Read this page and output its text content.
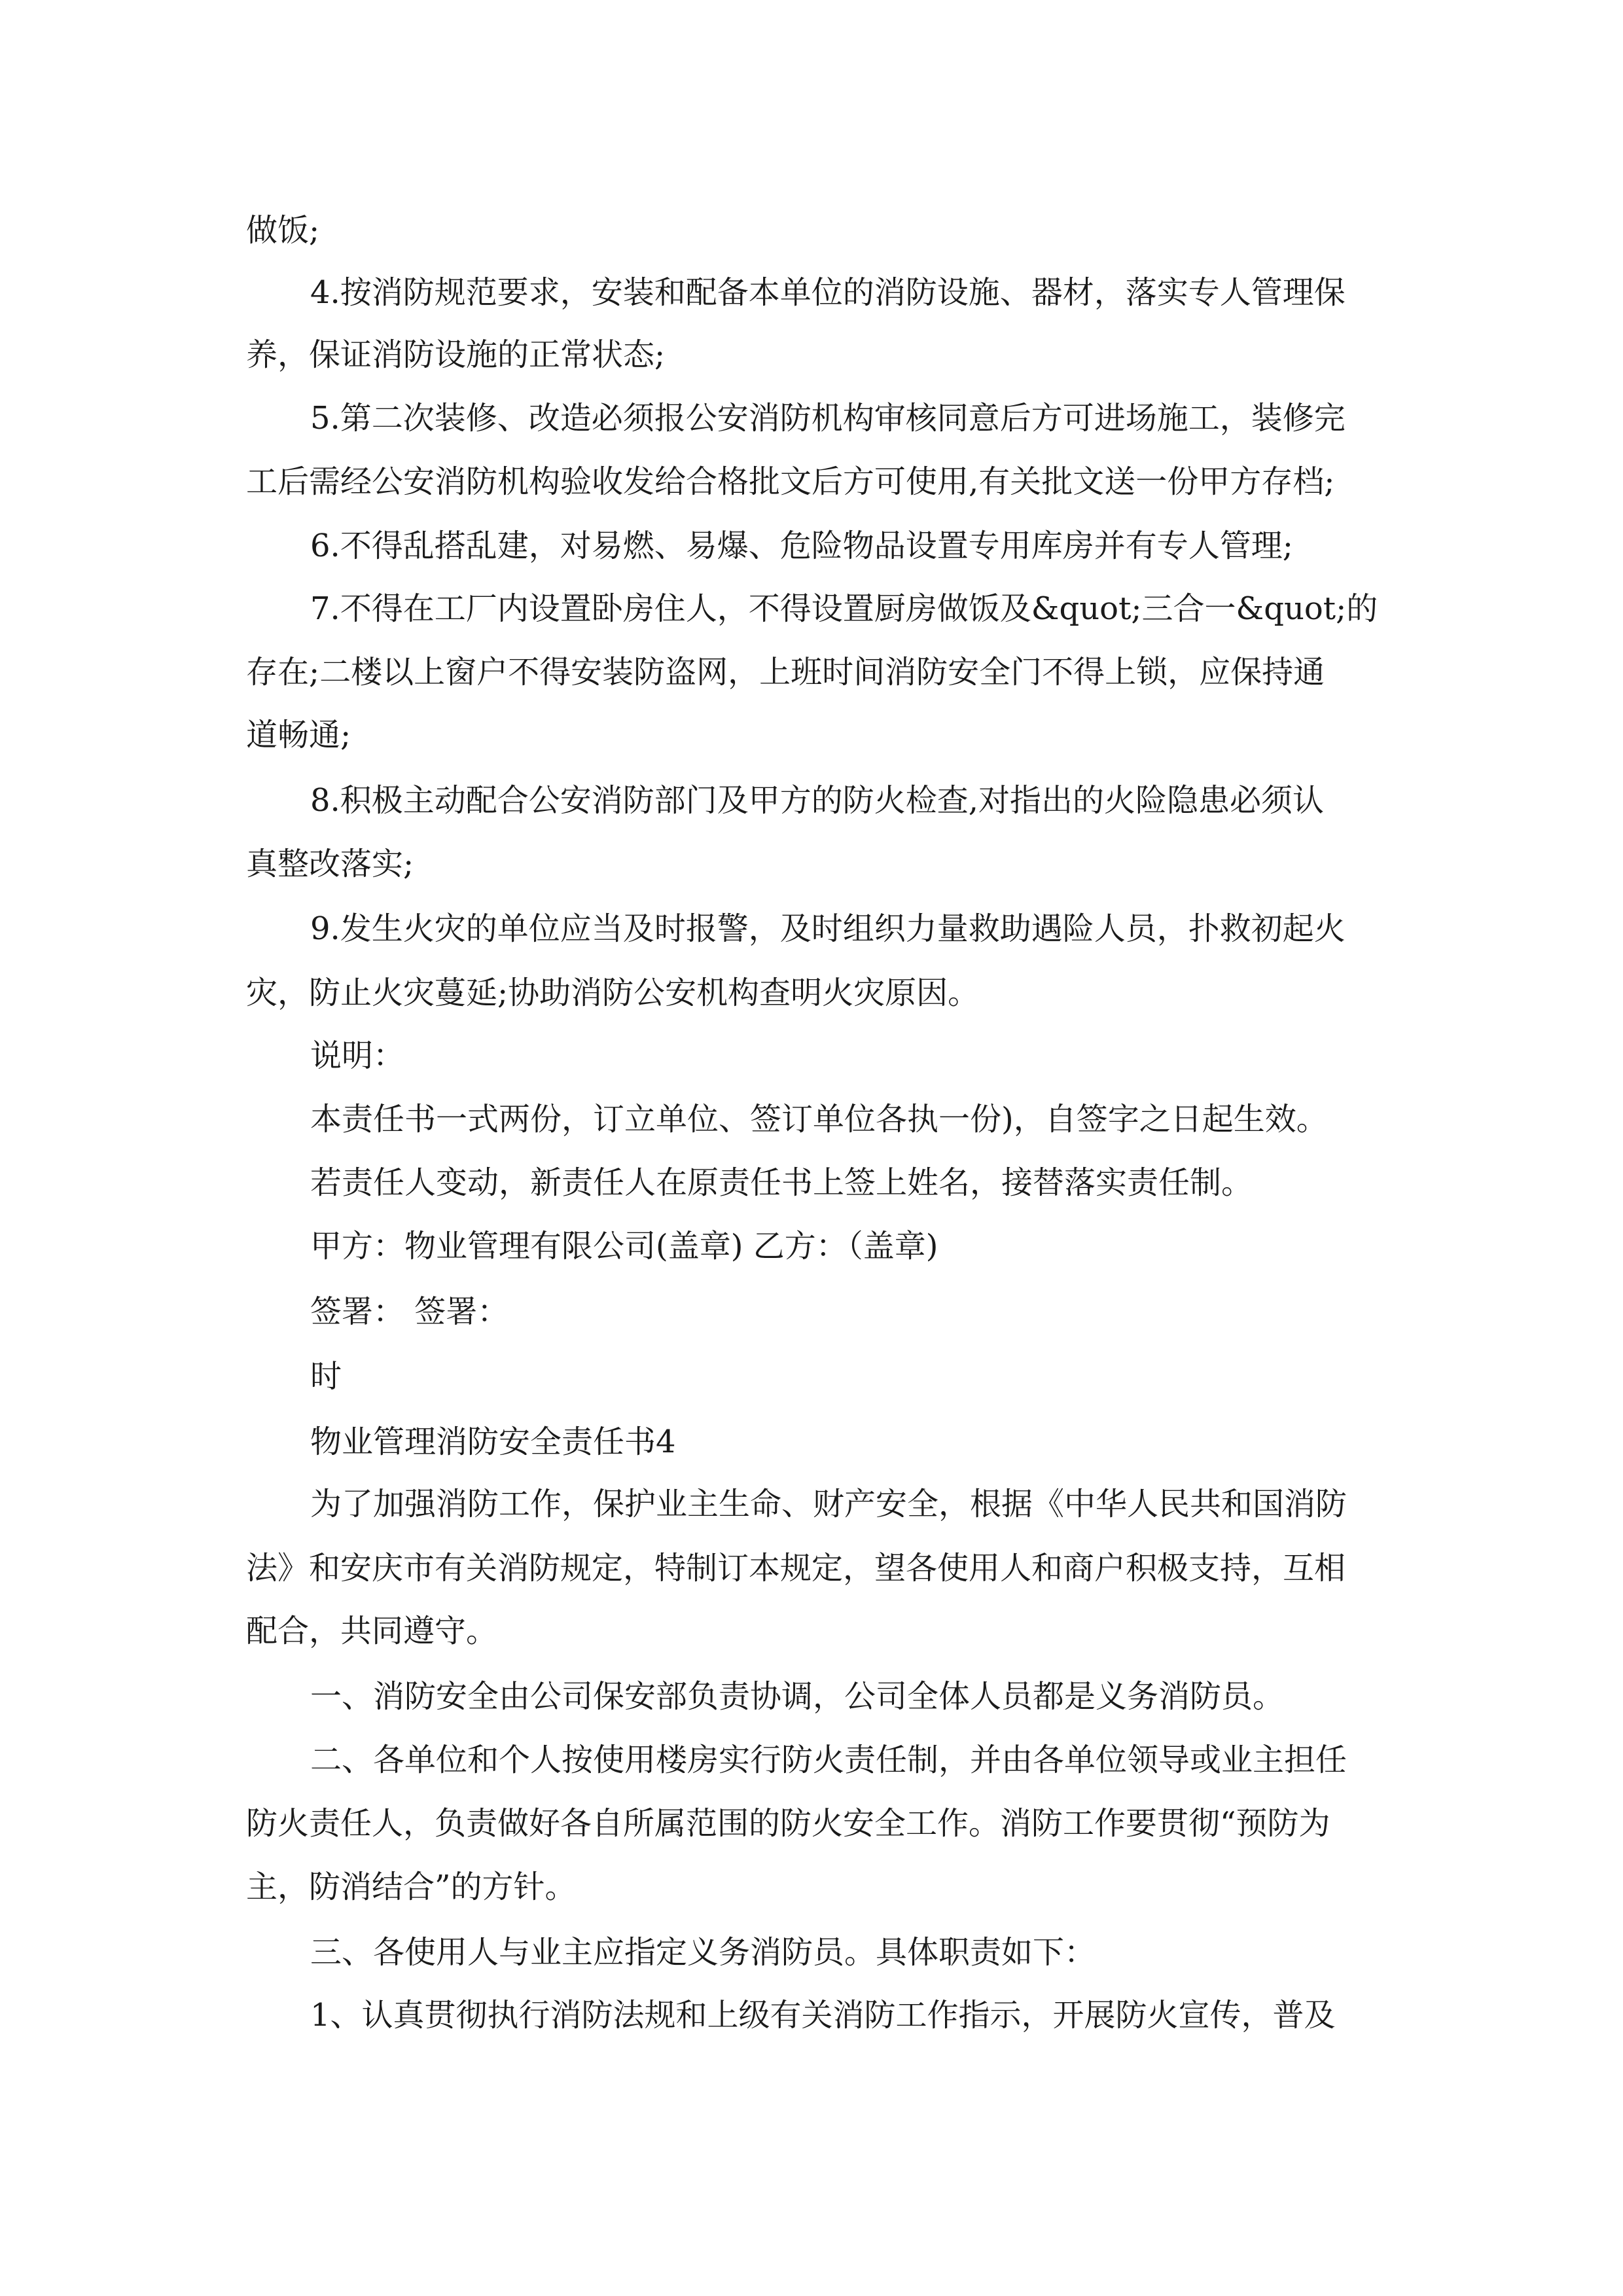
做饭;
4.按消防规范要求，安装和配备本单位的消防设施、器材，落实专人管理保
养，保证消防设施的正常状态;
5.第二次装修、改造必须报公安消防机构审核同意后方可进场施工，装修完
工后需经公安消防机构验收发给合格批文后方可使用,有关批文送一份甲方存档;
6.不得乱搭乱建，对易燃、易爆、危险物品设置专用库房并有专人管理;
7.不得在工厂内设置卧房住人，不得设置厨房做饭及&quot;三合一&quot;的
存在;二楼以上窗户不得安装防盗网，上班时间消防安全门不得上锁，应保持通
道畅通;
8.积极主动配合公安消防部门及甲方的防火检查,对指出的火险隐患必须认
真整改落实;
9.发生火灾的单位应当及时报警，及时组织力量救助遇险人员，扑救初起火
灾，防止火灾蔓延;协助消防公安机构查明火灾原因。
说明：
本责任书一式两份，订立单位、签订单位各执一份)，自签字之日起生效。
若责任人变动，新责任人在原责任书上签上姓名，接替落实责任制。
甲方：物业管理有限公司(盖章) 乙方：（盖章)
签署： 签署：
时
物业管理消防安全责任书4
为了加强消防工作，保护业主生命、财产安全，根据《中华人民共和国消防
法》和安庆市有关消防规定，特制订本规定，望各使用人和商户积极支持，互相
配合，共同遵守。
一、消防安全由公司保安部负责协调，公司全体人员都是义务消防员。
二、各单位和个人按使用楼房实行防火责任制，并由各单位领导或业主担任
防火责任人，负责做好各自所属范围的防火安全工作。消防工作要贯彻“预防为
主，防消结合”的方针。
三、各使用人与业主应指定义务消防员。具体职责如下：
1、认真贯彻执行消防法规和上级有关消防工作指示，开展防火宣传，普及
